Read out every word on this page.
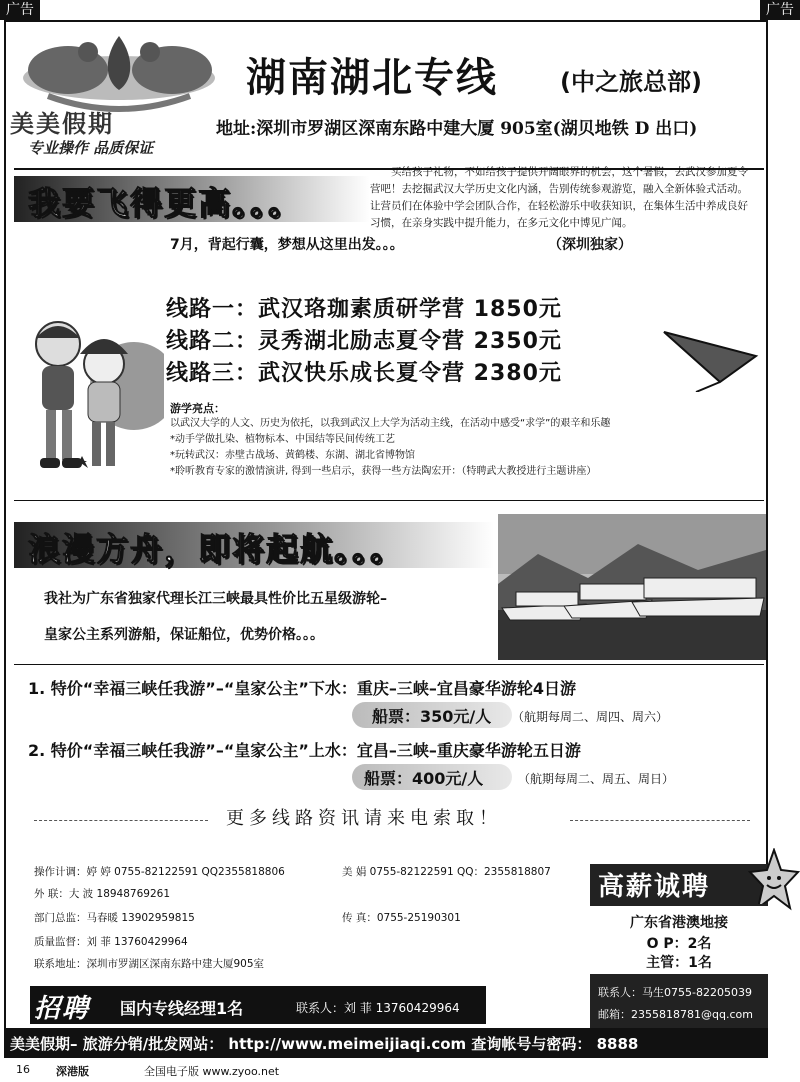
广告	广告
美美假期
专业操作 品质保证
湖南湖北专线	(中之旅总部)
地址:深圳市罗湖区深南东路中建大厦 905室(湖贝地铁 D 出口)
我要飞得更高。。。
买给孩子礼物，不如给孩子提供开阔眼界的机会，这个暑假，去武汉参加夏令营吧！去挖掘武汉大学历史文化内涵，告别传统参观游览，融入全新体验式活动。让营员们在体验中学会团队合作，在轻松游乐中收获知识，在集体生活中养成良好习惯，在亲身实践中提升能力，在多元文化中博见广闻。
7月，背起行囊，梦想从这里出发。。。	（深圳独家）
线路一：武汉珞珈素质研学营 1850元
线路二：灵秀湖北励志夏令营 2350元
线路三：武汉快乐成长夏令营 2380元
游学亮点：
以武汉大学的人文、历史为依托，以我到武汉上大学为活动主线，在活动中感受“求学”的艰辛和乐趣
*动手学做扎染、植物标本、中国结等民间传统工艺
*玩转武汉：赤壁古战场、黄鹤楼、东湖、湖北省博物馆
*聆听教育专家的激情演讲, 得到一些启示，获得一些方法陶宏开：（特聘武大教授进行主题讲座）
浪漫方舟，即将起航。。。
我社为广东省独家代理长江三峡最具性价比五星级游轮–
皇家公主系列游船，保证船位，优势价格。。。
1. 特价“幸福三峡任我游”–“皇家公主”下水：重庆–三峡–宜昌豪华游轮4日游
船票：350元/人 （航期每周二、周四、周六）
2. 特价“幸福三峡任我游”–“皇家公主”上水：宜昌–三峡–重庆豪华游轮五日游
船票：400元/人	（航期每周二、周五、周日）
更多线路资讯请来电索取！
操作计调：婷 婷 0755-82122591 QQ2355818806	美 娟 0755-82122591 QQ：2355818807
外 联：大 波 18948769261
部门总监：马春暖 13902959815	传 真：0755-25190301
质量监督：刘 菲 13760429964
联系地址：深圳市罗湖区深南东路中建大厦905室
高薪诚聘
广东省港澳地接
O P：2名
主管：1名
联系人：马生0755-82205039
邮箱：2355818781@qq.com
招聘 国内专线经理1名	联系人：刘 菲 13760429964
美美假期– 旅游分销/批发网站： http://www.meimeijiaqi.com 查询帐号与密码： 8888
16 深港版	全国电子版 www.zyoo.net
